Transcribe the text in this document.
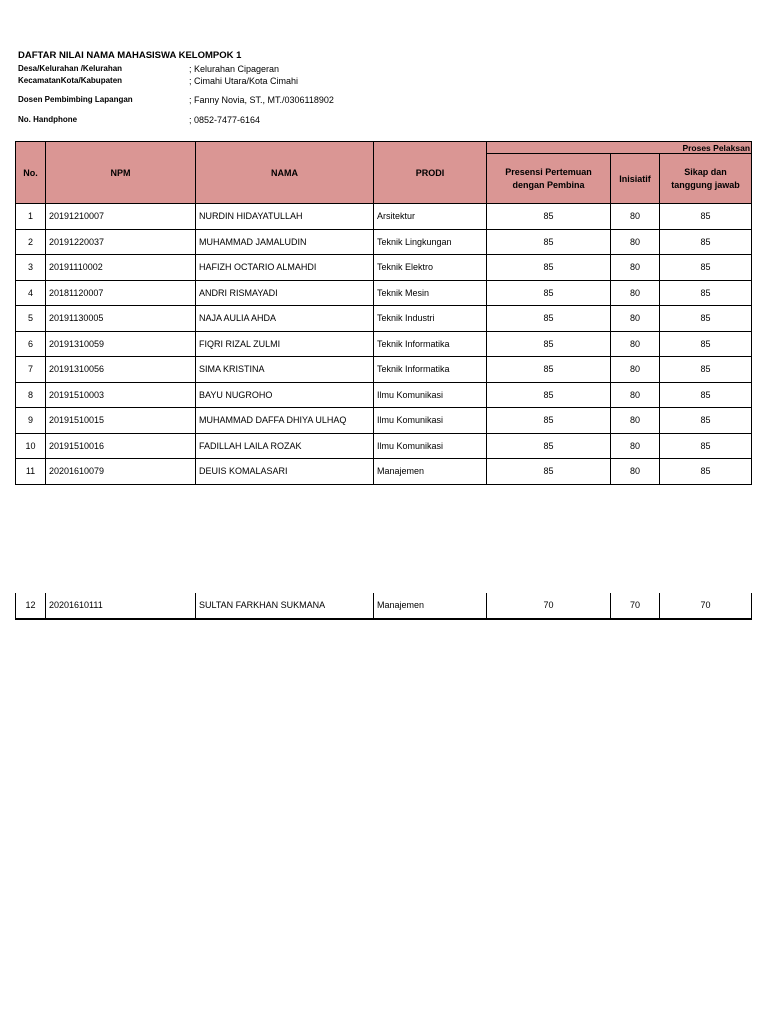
DAFTAR NILAI NAMA MAHASISWA KELOMPOK 1
Desa/Kelurahan /Kelurahan	; Kelurahan Cipageran
KecamatanKota/Kabupaten	; Cimahi Utara/Kota Cimahi
Dosen Pembimbing Lapangan	; Fanny Novia, ST., MT./0306118902
No. Handphone	; 0852-7477-6164
No.	NPM	NAMA	PRODI	Proses Pelaksan		
				Presensi Pertemuan dengan Pembina	Inisiatif	Sikap dan tanggung jawab
1	20191210007	NURDIN HIDAYATULLAH	Arsitektur	85	80	85
2	20191220037	MUHAMMAD JAMALUDIN	Teknik Lingkungan	85	80	85
3	20191110002	HAFIZH OCTARIO ALMAHDI	Teknik Elektro	85	80	85
4	20181120007	ANDRI RISMAYADI	Teknik Mesin	85	80	85
5	20191130005	NAJA AULIA AHDA	Teknik Industri	85	80	85
6	20191310059	FIQRI RIZAL ZULMI	Teknik Informatika	85	80	85
7	20191310056	SIMA KRISTINA	Teknik Informatika	85	80	85
8	20191510003	BAYU NUGROHO	Ilmu Komunikasi	85	80	85
9	20191510015	MUHAMMAD DAFFA DHIYA ULHAQ	Ilmu Komunikasi	85	80	85
10	20191510016	FADILLAH LAILA ROZAK	Ilmu Komunikasi	85	80	85
11	20201610079	DEUIS KOMALASARI	Manajemen	85	80	85
12	20201610111	SULTAN FARKHAN SUKMANA	Manajemen	70	70	70
